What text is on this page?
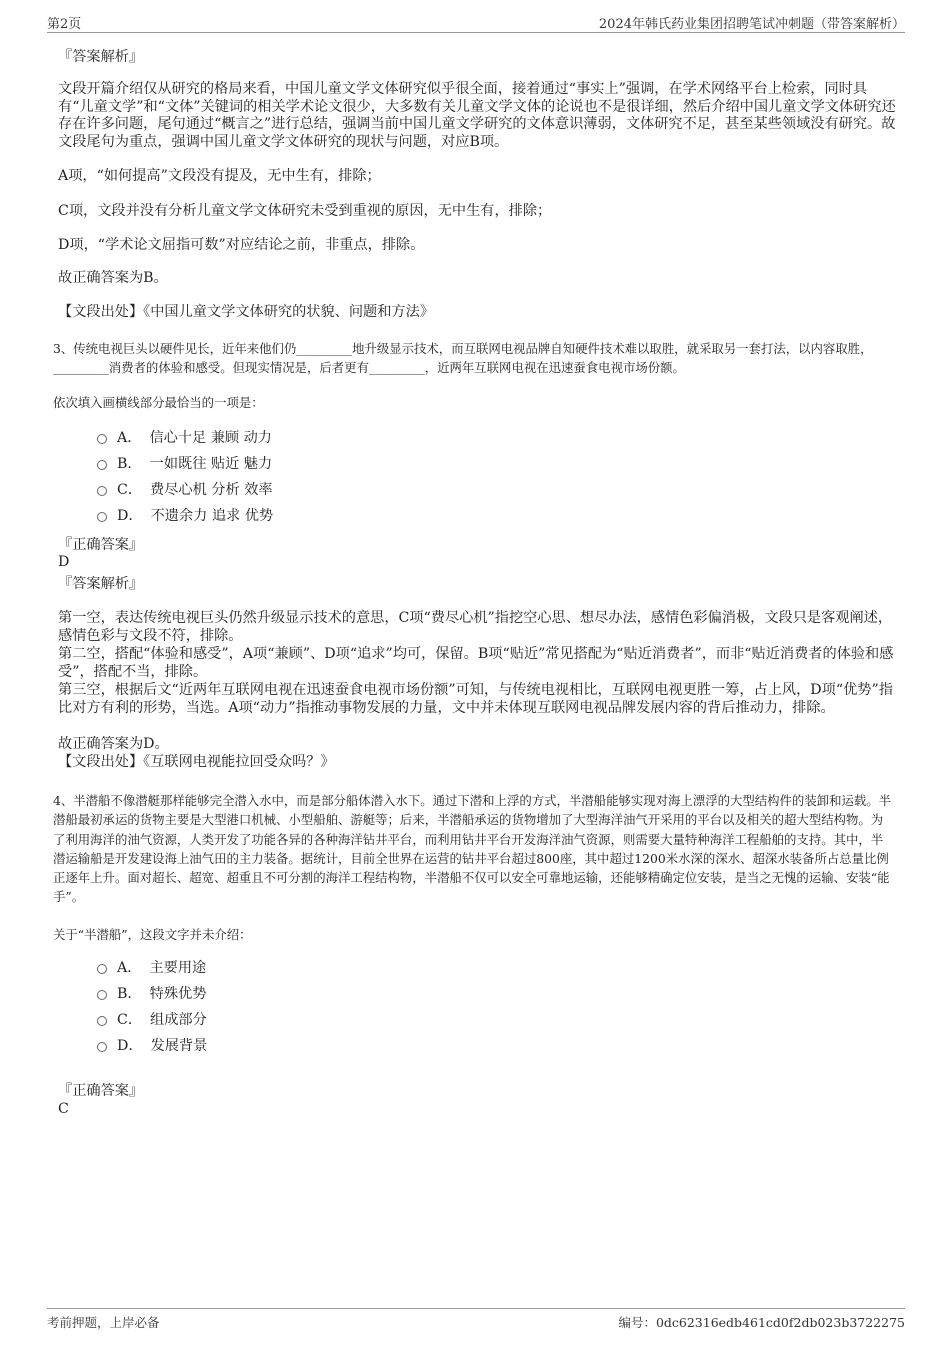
第2页	2024年韩氏药业集团招聘笔试冲刺题（带答案解析）
『答案解析』
文段开篇介绍仅从研究的格局来看，中国儿童文学文体研究似乎很全面，接着通过“事实上”强调，在学术网络平台上检索，同时具有“儿童文学”和“文体”关键词的相关学术论文很少，大多数有关儿童文学文体的论说也不是很详细，然后介绍中国儿童文学文体研究还存在许多问题，尾句通过“概言之”进行总结，强调当前中国儿童文学研究的文体意识薄弱，文体研究不足，甚至某些领域没有研究。故文段尾句为重点，强调中国儿童文学文体研究的现状与问题，对应B项。
A项，“如何提高”文段没有提及，无中生有，排除；
C项，文段并没有分析儿童文学文体研究未受到重视的原因，无中生有，排除；
D项，“学术论文屈指可数”对应结论之前，非重点，排除。
故正确答案为B。
【文段出处】《中国儿童文学文体研究的状貌、问题和方法》
3、传统电视巨头以硬件见长，近年来他们仍_________地升级显示技术，而互联网电视品牌自知硬件技术难以取胜，就采取另一套打法，以内容取胜，_________消费者的体验和感受。但现实情况是，后者更有_________，近两年互联网电视在迅速蚕食电视市场份额。
依次填入画横线部分最恰当的一项是：
A． 信心十足 兼顾 动力
B． 一如既往 贴近 魅力
C． 费尽心机 分析 效率
D． 不遗余力 追求 优势
『正确答案』
D
『答案解析』
第一空，表达传统电视巨头仍然升级显示技术的意思，C项“费尽心机”指挖空心思、想尽办法，感情色彩偏消极，文段只是客观阐述，感情色彩与文段不符，排除。
第二空，搭配“体验和感受”，A项“兼顾”、D项“追求”均可，保留。B项“贴近”常见搭配为“贴近消费者”，而非“贴近消费者的体验和感受”，搭配不当，排除。
第三空，根据后文“近两年互联网电视在迅速蚕食电视市场份额”可知，与传统电视相比，互联网电视更胜一筹，占上风，D项“优势”指比对方有利的形势，当选。A项“动力”指推动事物发展的力量，文中并未体现互联网电视品牌发展内容的背后推动力，排除。
故正确答案为D。
【文段出处】《互联网电视能拉回受众吗？》
4、半潜船不像潜艇那样能够完全潜入水中，而是部分船体潜入水下。通过下潜和上浮的方式，半潜船能够实现对海上漂浮的大型结构件的装卸和运载。半潜船最初承运的货物主要是大型港口机械、小型船舶、游艇等；后来，半潜船承运的货物增加了大型海洋油气开采用的平台以及相关的超大型结构物。为了利用海洋的油气资源，人类开发了功能各异的各种海洋钻井平台，而利用钻井平台开发海洋油气资源，则需要大量特种海洋工程船舶的支持。其中，半潜运输船是开发建设海上油气田的主力装备。据统计，目前全世界在运营的钻井平台超过800座，其中超过1200米水深的深水、超深水装备所占总量比例正逐年上升。面对超长、超宽、超重且不可分割的海洋工程结构物，半潜船不仅可以安全可靠地运输，还能够精确定位安装，是当之无愧的运输、安装“能手”。
关于“半潜船”，这段文字并未介绍：
A． 主要用途
B． 特殊优势
C． 组成部分
D． 发展背景
『正确答案』
C
考前押题，上岸必备	编号：0dc62316edb461cd0f2db023b3722275
